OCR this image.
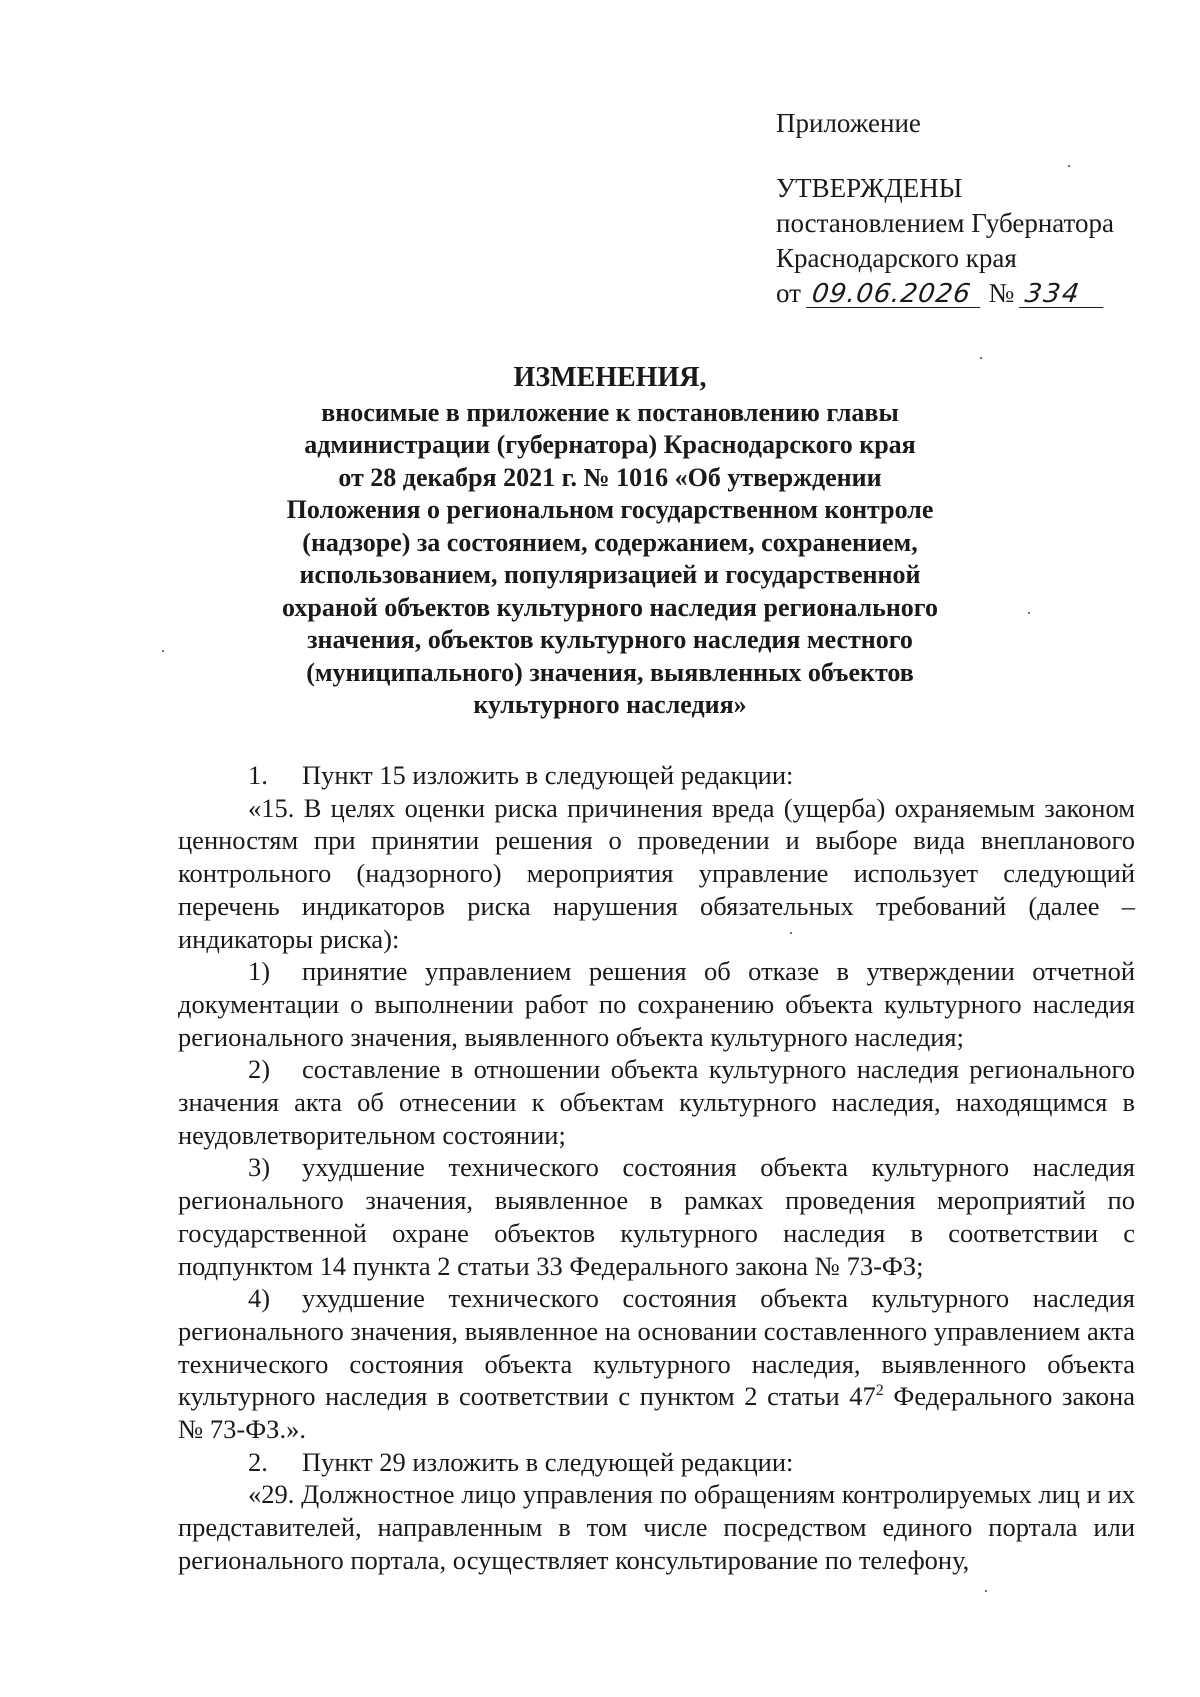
Приложение
УТВЕРЖДЕНЫ
постановлением Губернатора
Краснодарского края
от 09.06.2026 № 334
ИЗМЕНЕНИЯ,
вносимые в приложение к постановлению главы
администрации (губернатора) Краснодарского края
от 28 декабря 2021 г. № 1016 «Об утверждении
Положения о региональном государственном контроле
(надзоре) за состоянием, содержанием, сохранением,
использованием, популяризацией и государственной
охраной объектов культурного наследия регионального
значения, объектов культурного наследия местного
(муниципального) значения, выявленных объектов
культурного наследия»

1. Пункт 15 изложить в следующей редакции:

«15. В целях оценки риска причинения вреда (ущерба) охраняемым законом ценностям при принятии решения о проведении и выборе вида внепланового контрольного (надзорного) мероприятия управление использует следующий перечень индикаторов риска нарушения обязательных требований (далее – индикаторы риска):

1) принятие управлением решения об отказе в утверждении отчетной документации о выполнении работ по сохранению объекта культурного наследия регионального значения, выявленного объекта культурного наследия;

2) составление в отношении объекта культурного наследия регионального значения акта об отнесении к объектам культурного наследия, находящимся в неудовлетворительном состоянии;

3) ухудшение технического состояния объекта культурного наследия регионального значения, выявленное в рамках проведения мероприятий по государственной охране объектов культурного наследия в соответствии с подпунктом 14 пункта 2 статьи 33 Федерального закона № 73-ФЗ;

4) ухудшение технического состояния объекта культурного наследия регионального значения, выявленное на основании составленного управлением акта технического состояния объекта культурного наследия, выявленного объекта культурного наследия в соответствии с пунктом 2 статьи $47^2$ Федерального закона № 73-ФЗ.».

2. Пункт 29 изложить в следующей редакции:

«29. Должностное лицо управления по обращениям контролируемых лиц и их представителей, направленным в том числе посредством единого портала или регионального портала, осуществляет консультирование по телефону,
